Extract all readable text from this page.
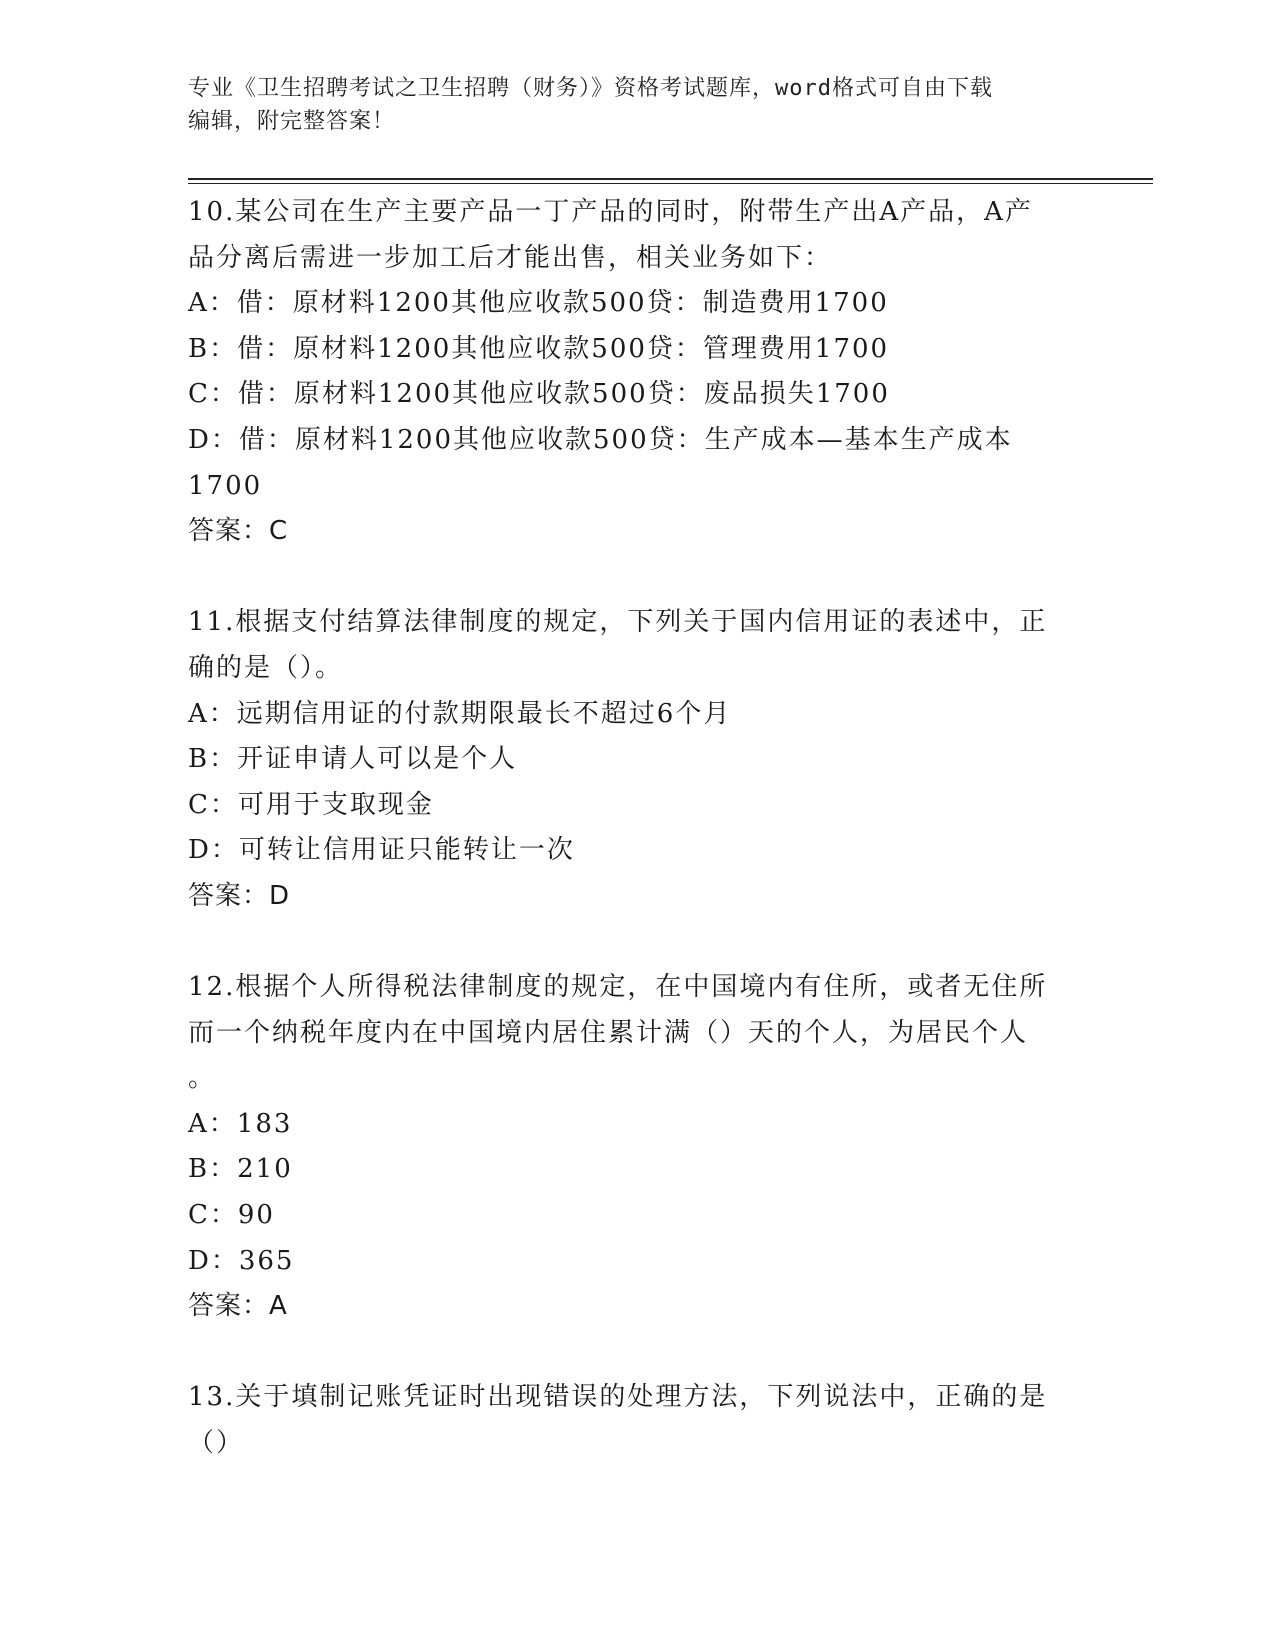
专业《卫生招聘考试之卫生招聘（财务）》资格考试题库，word格式可自由下载
编辑，附完整答案！
10.某公司在生产主要产品一丁产品的同时，附带生产出A产品，A产
品分离后需进一步加工后才能出售，相关业务如下：
A：借：原材料1200其他应收款500贷：制造费用1700
B：借：原材料1200其他应收款500贷：管理费用1700
C：借：原材料1200其他应收款500贷：废品损失1700
D：借：原材料1200其他应收款500贷：生产成本—基本生产成本
1700
答案：C
11.根据支付结算法律制度的规定，下列关于国内信用证的表述中，正
确的是（）。
A：远期信用证的付款期限最长不超过6个月
B：开证申请人可以是个人
C：可用于支取现金
D：可转让信用证只能转让一次
答案：D
12.根据个人所得税法律制度的规定，在中国境内有住所，或者无住所
而一个纳税年度内在中国境内居住累计满（）天的个人，为居民个人
。
A：183
B：210
C：90
D：365
答案：A
13.关于填制记账凭证时出现错误的处理方法，下列说法中，正确的是
（）
